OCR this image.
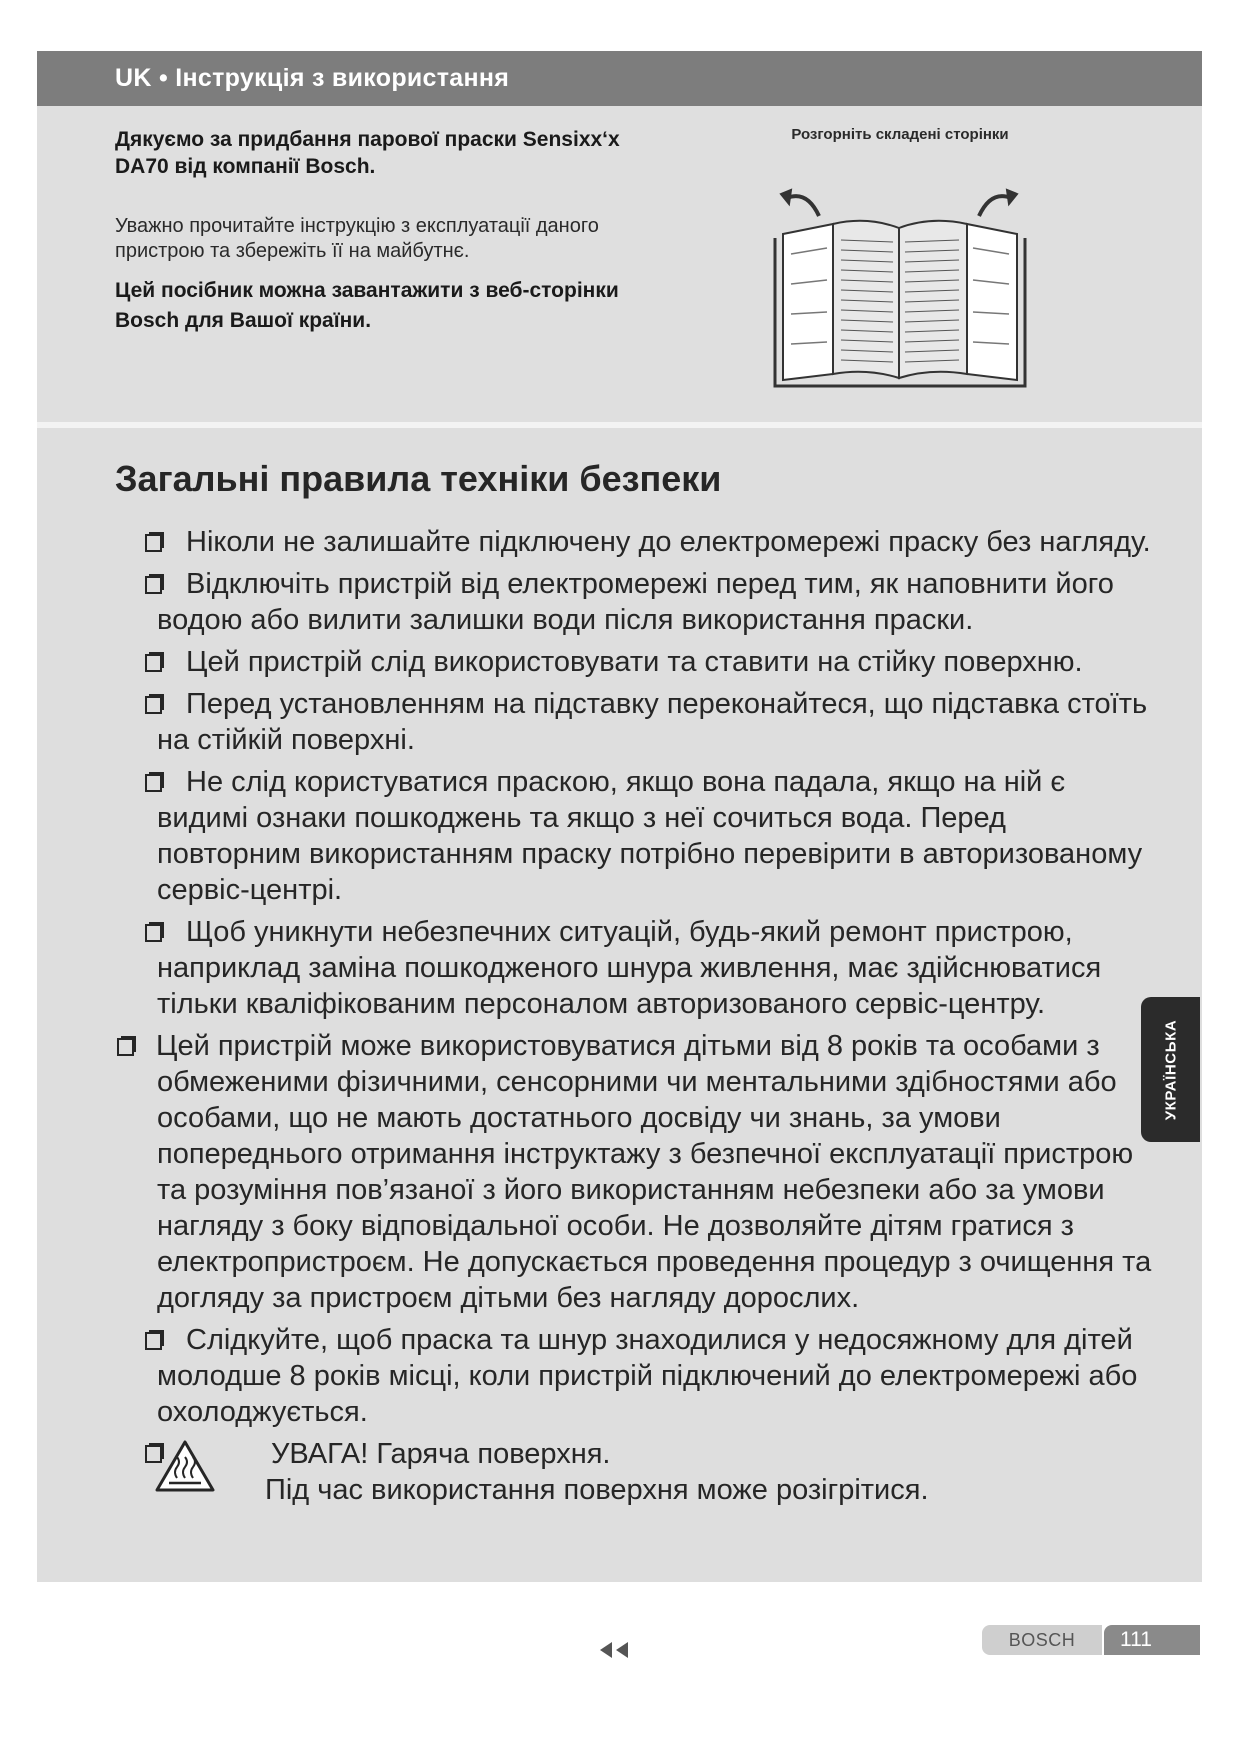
UK • Інструкція з використання
Дякуємо за придбання парової праски Sensixx‘x DA70 від компанії Bosch.
Уважно прочитайте інструкцію з експлуатації даного пристрою та збережіть її на майбутнє.
Цей посібник можна завантажити з веб-сторінки Bosch для Вашої країни.
Розгорніть складені сторінки
Загальні правила техніки безпеки
Ніколи не залишайте підключену до електромережі праску без нагляду.
Відключіть пристрій від електромережі перед тим, як наповнити його водою або вилити залишки води після використання праски.
Цей пристрій слід використовувати та ставити на стійку поверхню.
Перед установленням на підставку переконайтеся, що підставка стоїть на стійкій поверхні.
Не слід користуватися праскою, якщо вона падала, якщо на ній є видимі ознаки пошкоджень та якщо з неї сочиться вода. Перед повторним використанням праску потрібно перевірити в авторизованому сервіс-центрі.
Щоб уникнути небезпечних ситуацій, будь-який ремонт пристрою, наприклад заміна пошкодженого шнура живлення, має здійснюватися тільки кваліфікованим персоналом авторизованого сервіс-центру.
Цей пристрій може використовуватися дітьми від 8 років та особами з обмеженими фізичними, сенсорними чи ментальними здібностями або особами, що не мають достатнього досвіду чи знань, за умови попереднього отримання інструктажу з безпечної експлуатації пристрою та розуміння пов’язаної з його використанням небезпеки або за умови нагляду з боку відповідальної особи. Не дозволяйте дітям гратися з електропристроєм. Не допускається проведення процедур з очищення та догляду за пристроєм дітьми без нагляду дорослих.
Слідкуйте, щоб праска та шнур знаходилися у недосяжному для дітей молодше 8 років місці, коли пристрій підключений до електромережі або охолоджується.
УВАГА! Гаряча поверхня.
Під час використання поверхня може розігрітися.
УКРАЇНСЬКА
BOSCH	111
